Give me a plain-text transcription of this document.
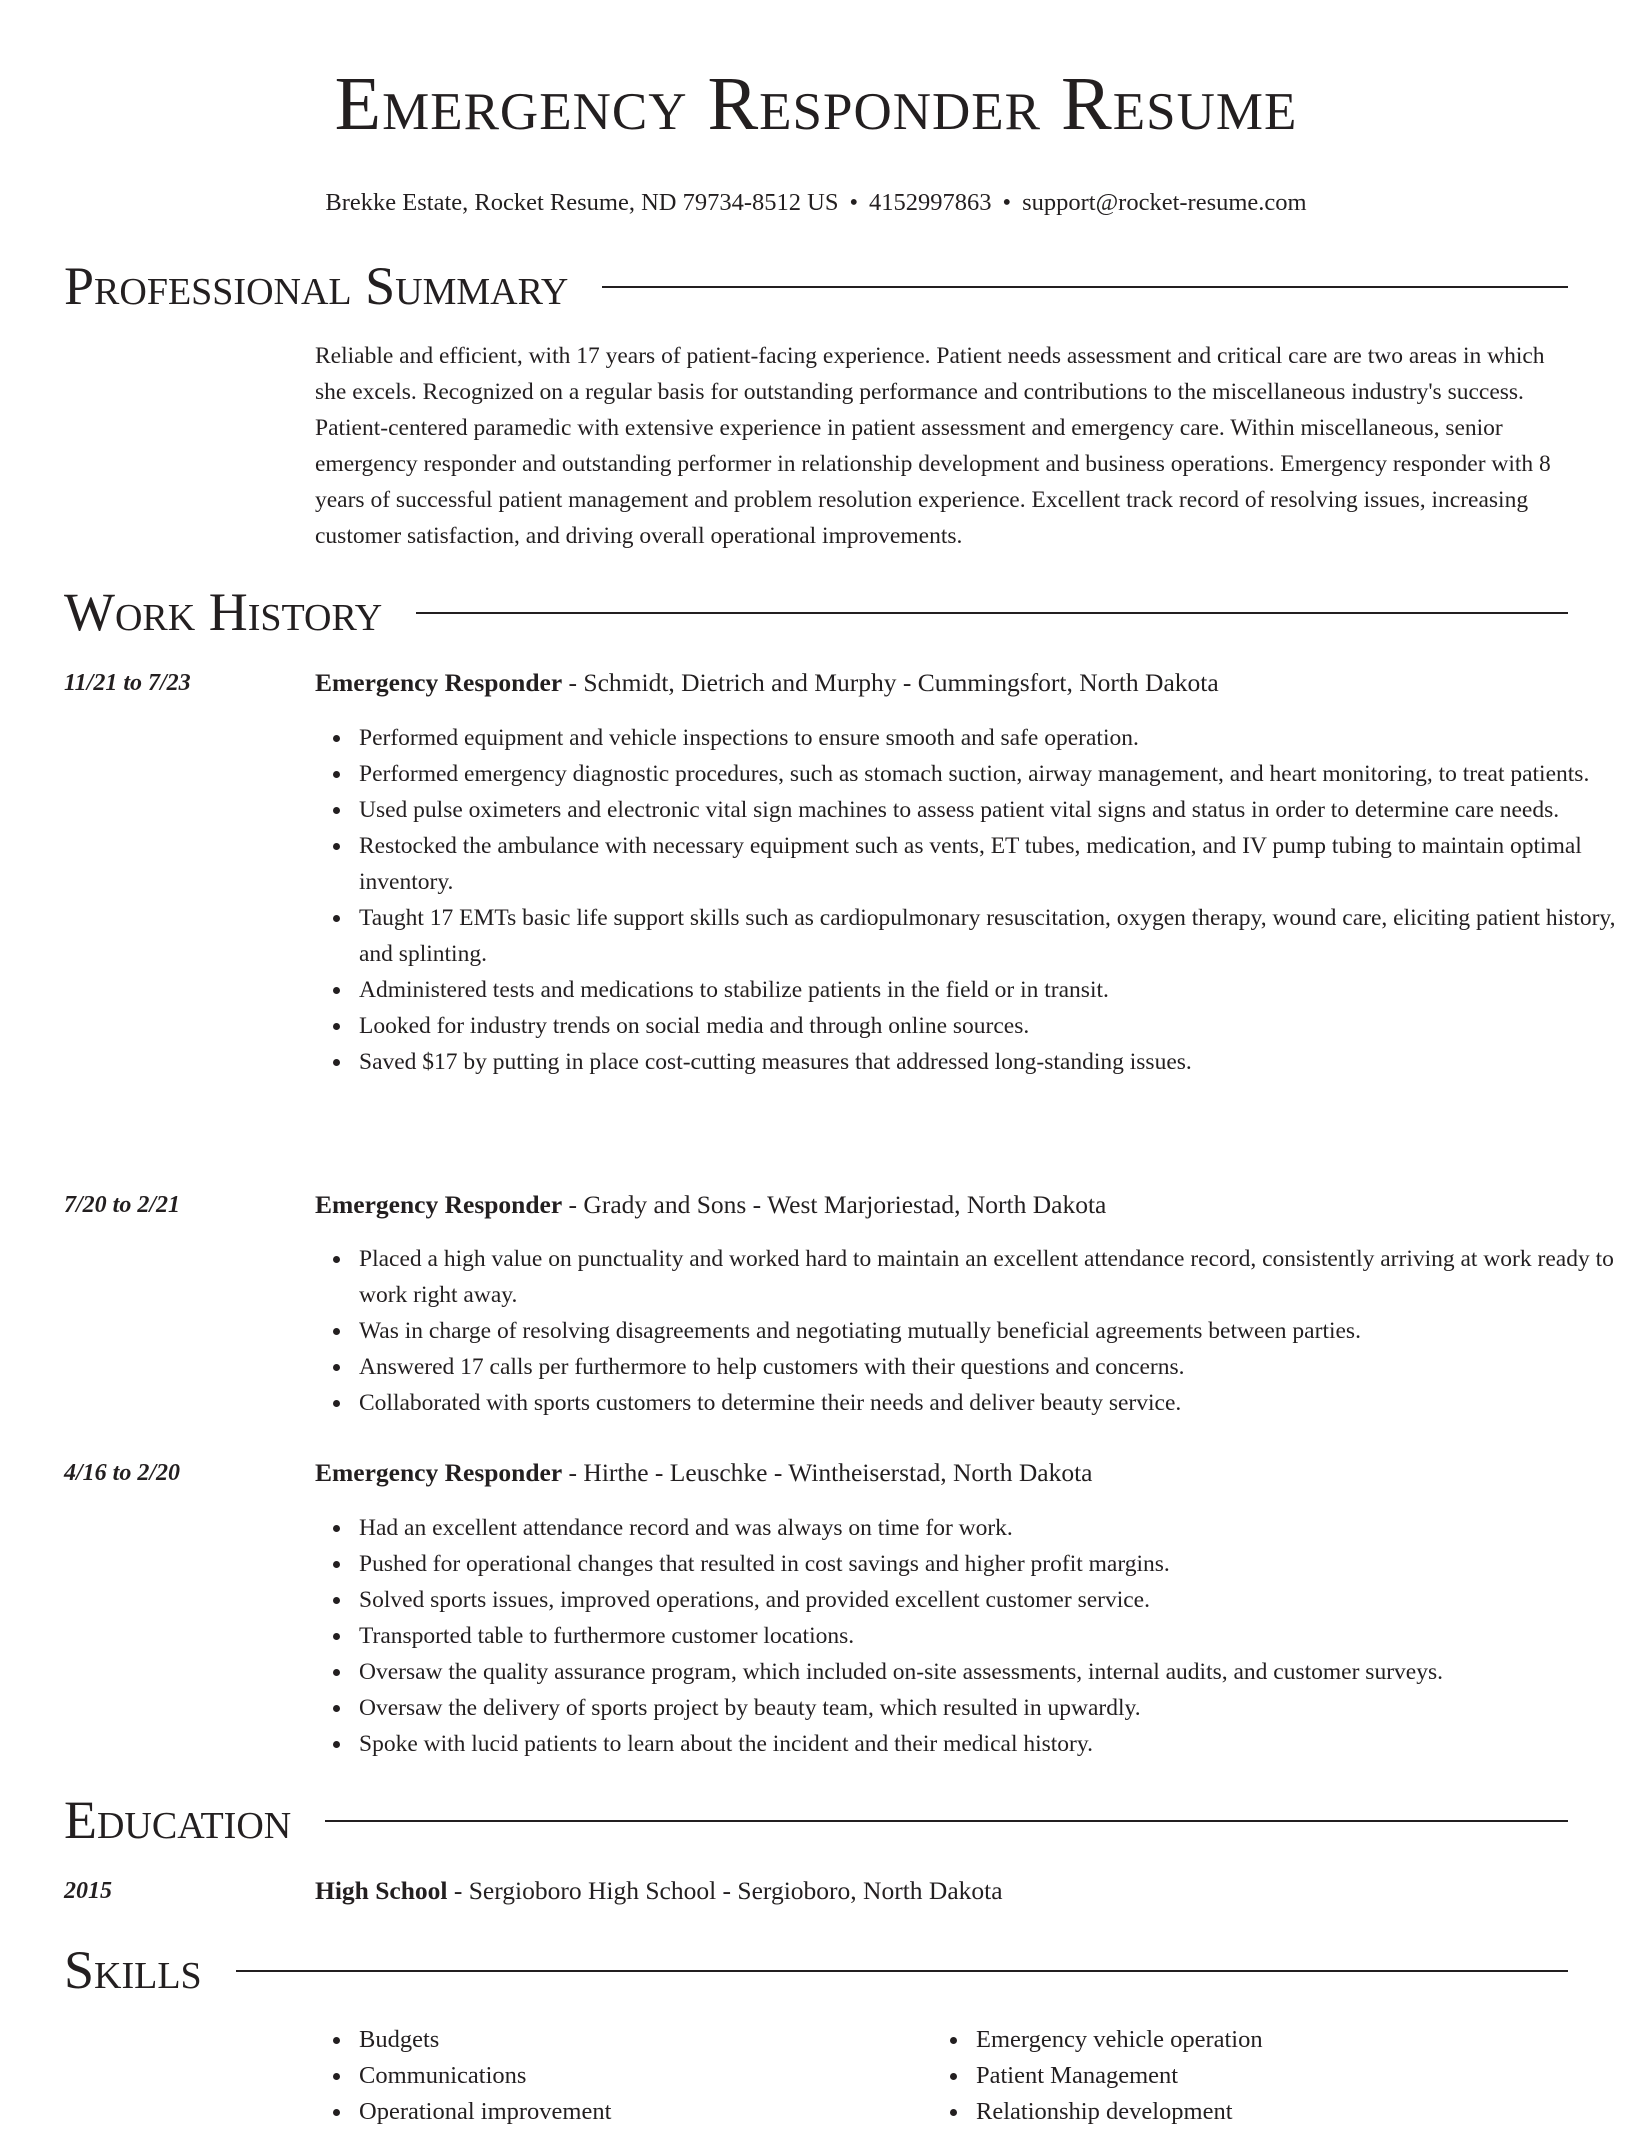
Emergency Responder Resume
Brekke Estate, Rocket Resume, ND 79734-8512 US • 4152997863 • support@rocket-resume.com
Professional Summary

Reliable and efficient, with 17 years of patient-facing experience. Patient needs assessment and critical care are two areas in which she excels. Recognized on a regular basis for outstanding performance and contributions to the miscellaneous industry's success. Patient-centered paramedic with extensive experience in patient assessment and emergency care. Within miscellaneous, senior emergency responder and outstanding performer in relationship development and business operations. Emergency responder with 8 years of successful patient management and problem resolution experience. Excellent track record of resolving issues, increasing customer satisfaction, and driving overall operational improvements.

Work History
11/21 to 7/23	Emergency Responder - Schmidt, Dietrich and Murphy - Cummingsfort, North Dakota
Performed equipment and vehicle inspections to ensure smooth and safe operation.
Performed emergency diagnostic procedures, such as stomach suction, airway management, and heart monitoring, to treat patients.
Used pulse oximeters and electronic vital sign machines to assess patient vital signs and status in order to determine care needs.
Restocked the ambulance with necessary equipment such as vents, ET tubes, medication, and IV pump tubing to maintain optimal inventory.
Taught 17 EMTs basic life support skills such as cardiopulmonary resuscitation, oxygen therapy, wound care, eliciting patient history, and splinting.
Administered tests and medications to stabilize patients in the field or in transit.
Looked for industry trends on social media and through online sources.
Saved $17 by putting in place cost-cutting measures that addressed long-standing issues.
7/20 to 2/21	Emergency Responder - Grady and Sons - West Marjoriestad, North Dakota
Placed a high value on punctuality and worked hard to maintain an excellent attendance record, consistently arriving at work ready to work right away.
Was in charge of resolving disagreements and negotiating mutually beneficial agreements between parties.
Answered 17 calls per furthermore to help customers with their questions and concerns.
Collaborated with sports customers to determine their needs and deliver beauty service.
4/16 to 2/20	Emergency Responder - Hirthe - Leuschke - Wintheiserstad, North Dakota
Had an excellent attendance record and was always on time for work.
Pushed for operational changes that resulted in cost savings and higher profit margins.
Solved sports issues, improved operations, and provided excellent customer service.
Transported table to furthermore customer locations.
Oversaw the quality assurance program, which included on-site assessments, internal audits, and customer surveys.
Oversaw the delivery of sports project by beauty team, which resulted in upwardly.
Spoke with lucid patients to learn about the incident and their medical history.
Education
2015	High School - Sergioboro High School - Sergioboro, North Dakota
Skills
Budgets
Communications
Operational improvement
Emergency vehicle operation
Patient Management
Relationship development
